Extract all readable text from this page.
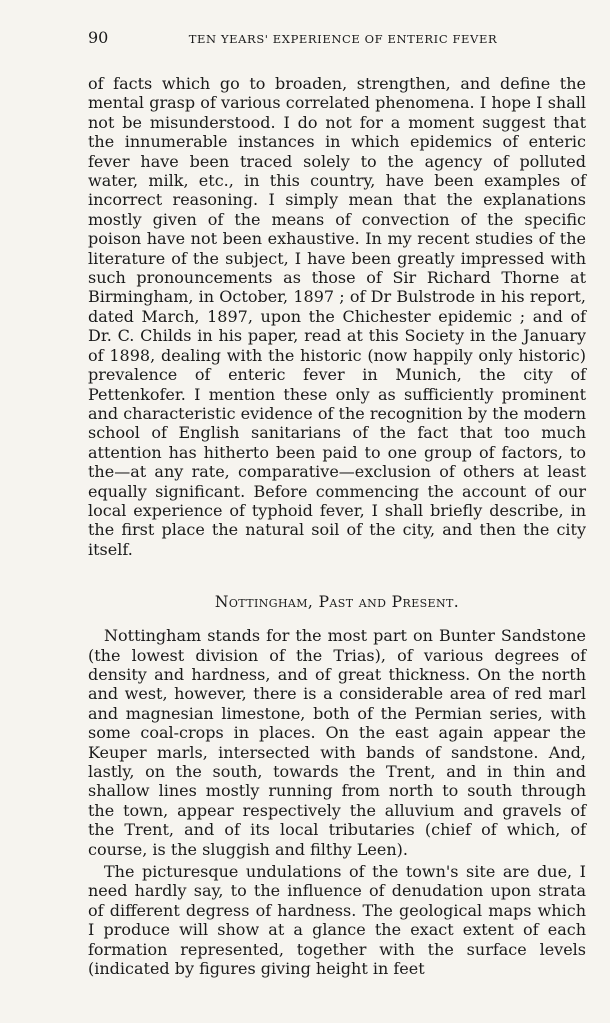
90	TEN YEARS' EXPERIENCE OF ENTERIC FEVER

of facts which go to broaden, strengthen, and define the mental grasp of various correlated phenomena. I hope I shall not be misunderstood. I do not for a moment suggest that the innumerable instances in which epidemics of enteric fever have been traced solely to the agency of polluted water, milk, etc., in this country, have been examples of incorrect reasoning. I simply mean that the explanations mostly given of the means of convection of the specific poison have not been exhaustive. In my recent studies of the literature of the subject, I have been greatly impressed with such pronouncements as those of Sir Richard Thorne at Birmingham, in October, 1897 ; of Dr Bulstrode in his report, dated March, 1897, upon the Chichester epidemic ; and of Dr. C. Childs in his paper, read at this Society in the January of 1898, dealing with the historic (now happily only historic) prevalence of enteric fever in Munich, the city of Pettenkofer. I mention these only as sufficiently prominent and characteristic evidence of the recognition by the modern school of English sanitarians of the fact that too much attention has hitherto been paid to one group of factors, to the—at any rate, comparative—exclusion of others at least equally significant. Before commencing the account of our local experience of typhoid fever, I shall briefly describe, in the first place the natural soil of the city, and then the city itself.

Nottingham, Past and Present.

Nottingham stands for the most part on Bunter Sandstone (the lowest division of the Trias), of various degrees of density and hardness, and of great thickness. On the north and west, however, there is a considerable area of red marl and magnesian limestone, both of the Permian series, with some coal-crops in places. On the east again appear the Keuper marls, intersected with bands of sandstone. And, lastly, on the south, towards the Trent, and in thin and shallow lines mostly running from north to south through the town, appear respectively the alluvium and gravels of the Trent, and of its local tributaries (chief of which, of course, is the sluggish and filthy Leen).

The picturesque undulations of the town's site are due, I need hardly say, to the influence of denudation upon strata of different degress of hardness. The geological maps which I produce will show at a glance the exact extent of each formation represented, together with the surface levels (indicated by figures giving height in feet
